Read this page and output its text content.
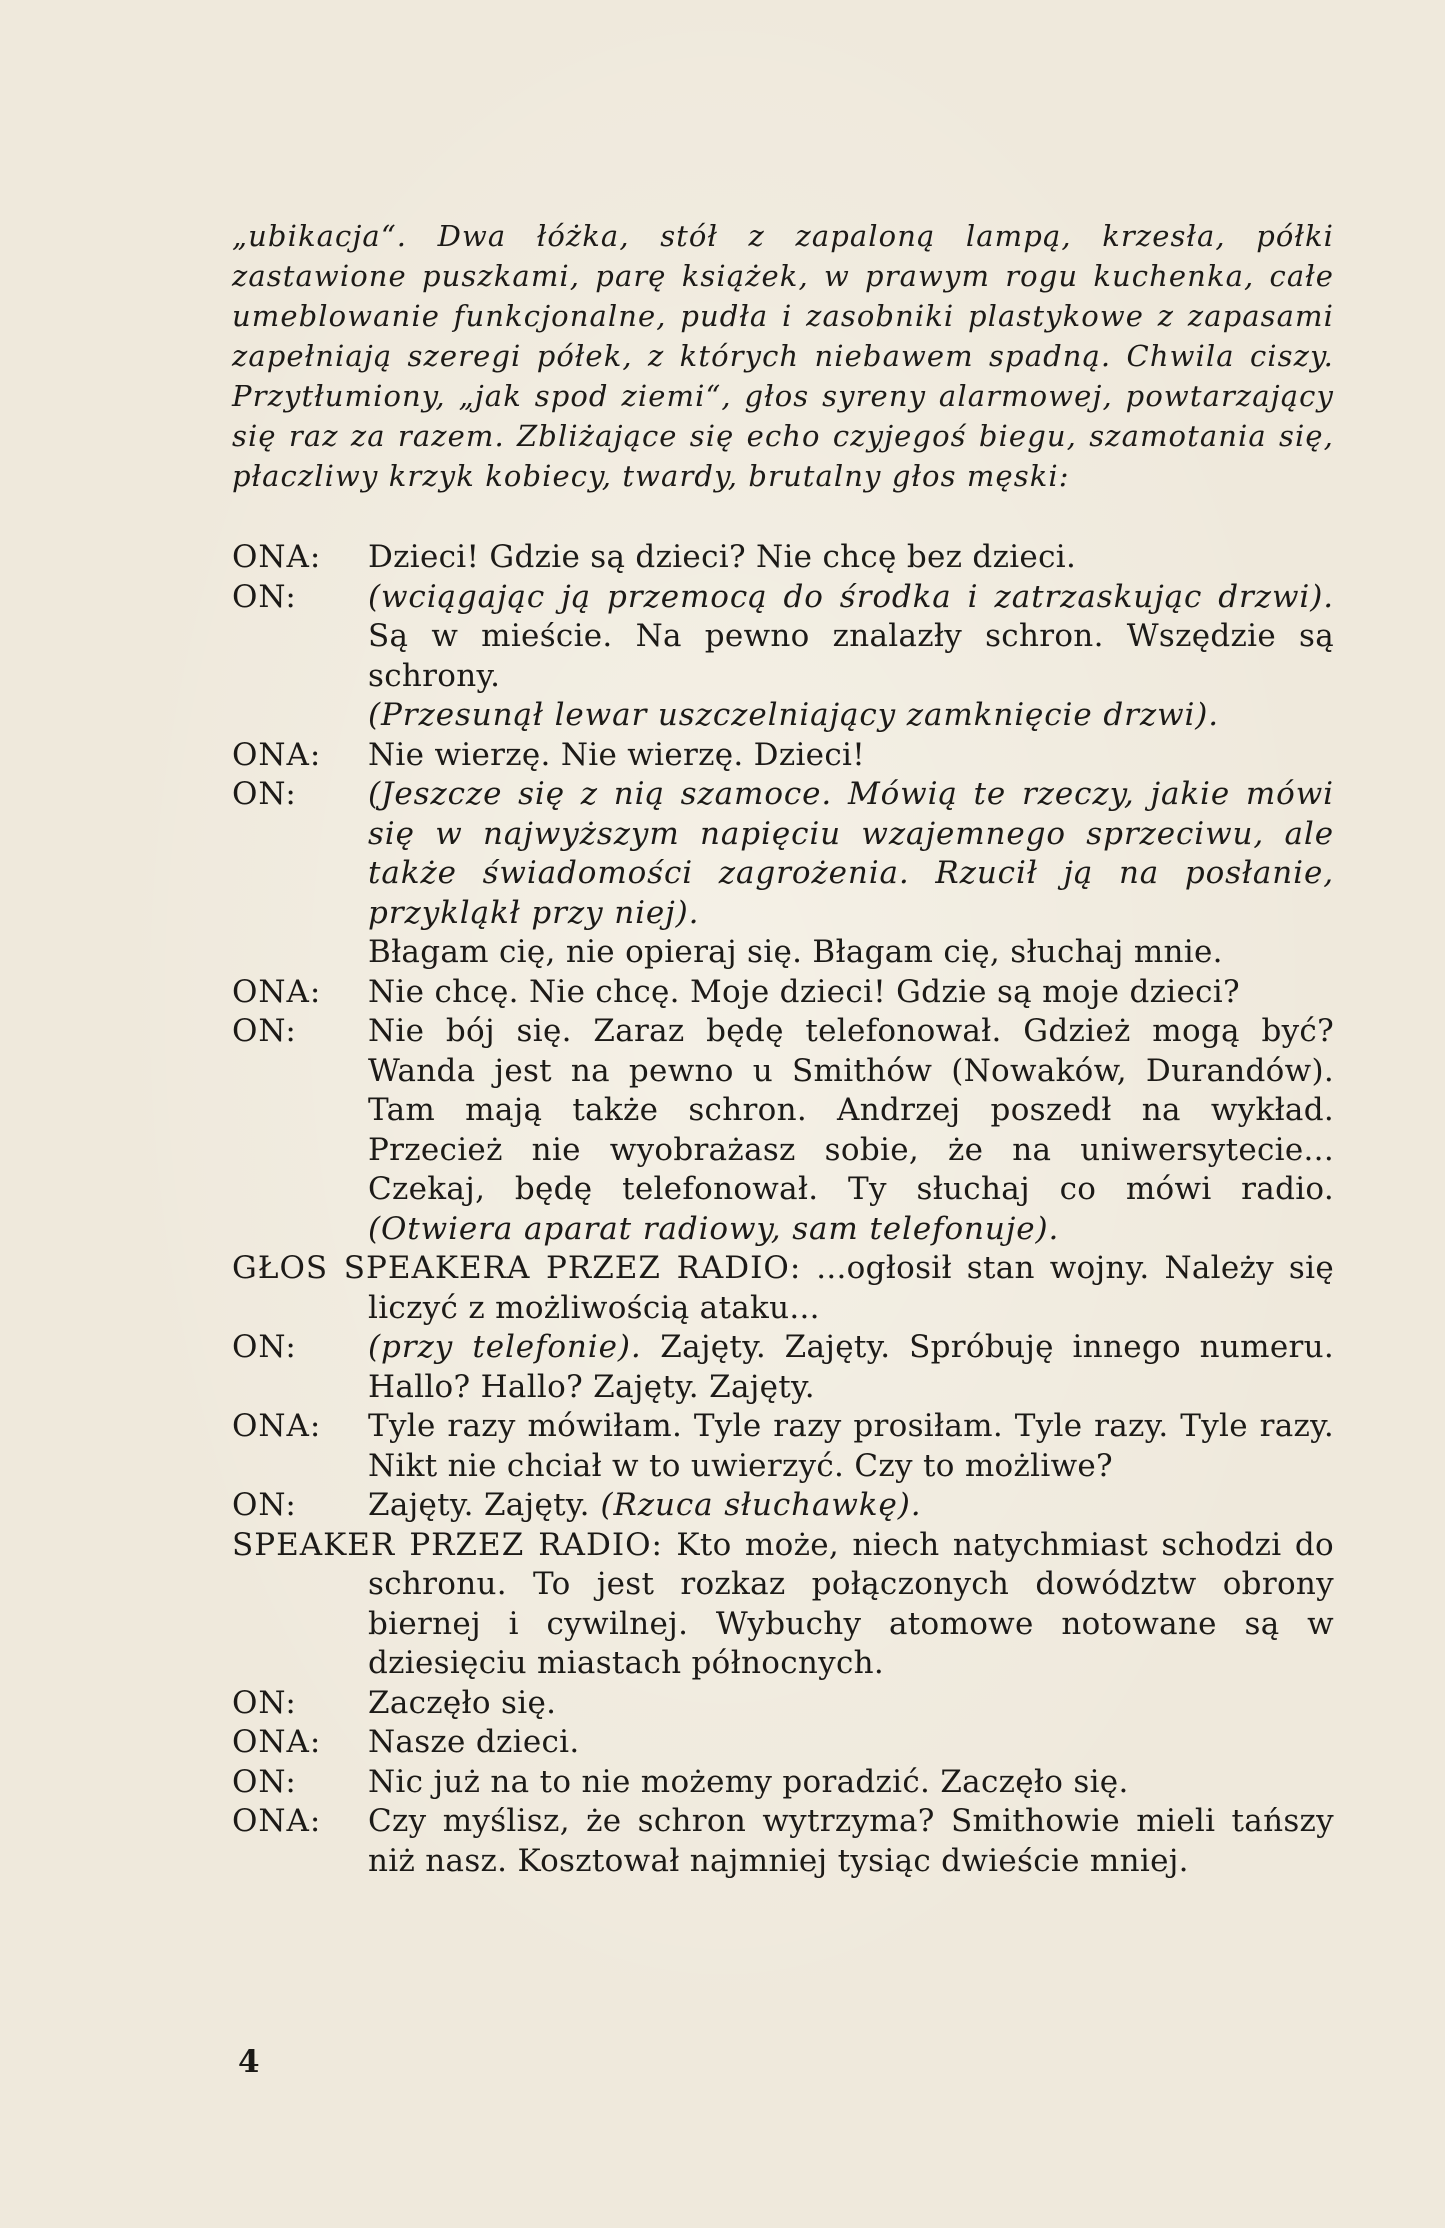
„ubikacja“. Dwa łóżka, stół z zapaloną lampą, krzesła, półki zastawione puszkami, parę książek, w prawym rogu kuchenka, całe umeblowanie funkcjonalne, pudła i zasobniki plastykowe z zapasami zapełniają szeregi półek, z których niebawem spadną. Chwila ciszy. Przytłumiony, „jak spod ziemi“, głos syreny alarmowej, powtarzający się raz za razem. Zbliżające się echo czyjegoś biegu, szamotania się, płaczliwy krzyk kobiecy, twardy, brutalny głos męski:

ONA:	Dzieci! Gdzie są dzieci? Nie chcę bez dzieci.
ON:	(wciągając ją przemocą do środka i zatrzaskując drzwi). Są w mieście. Na pewno znalazły schron. Wszędzie są schrony.
(Przesunął lewar uszczelniający zamknięcie drzwi).
ONA:	Nie wierzę. Nie wierzę. Dzieci!
ON:	(Jeszcze się z nią szamoce. Mówią te rzeczy, jakie mówi się w najwyższym napięciu wzajemnego sprzeciwu, ale także świadomości zagrożenia. Rzucił ją na posłanie, przykląkł przy niej).
Błagam cię, nie opieraj się. Błagam cię, słuchaj mnie.
ONA:	Nie chcę. Nie chcę. Moje dzieci! Gdzie są moje dzieci?
ON:	Nie bój się. Zaraz będę telefonował. Gdzież mogą być? Wanda jest na pewno u Smithów (Nowaków, Durandów). Tam mają także schron. Andrzej poszedł na wykład. Przecież nie wyobrażasz sobie, że na uniwersytecie... Czekaj, będę telefonował. Ty słuchaj co mówi radio. (Otwiera aparat radiowy, sam telefonuje).
GŁOS SPEAKERA PRZEZ RADIO: ...ogłosił stan wojny. Należy się liczyć z możliwością ataku...
ON:	(przy telefonie). Zajęty. Zajęty. Spróbuję innego numeru. Hallo? Hallo? Zajęty. Zajęty.
ONA:	Tyle razy mówiłam. Tyle razy prosiłam. Tyle razy. Tyle razy. Nikt nie chciał w to uwierzyć. Czy to możliwe?
ON:	Zajęty. Zajęty. (Rzuca słuchawkę).
SPEAKER PRZEZ RADIO: Kto może, niech natychmiast schodzi do schronu. To jest rozkaz połączonych dowództw obrony biernej i cywilnej. Wybuchy atomowe notowane są w dziesięciu miastach północnych.
ON:	Zaczęło się.
ONA:	Nasze dzieci.
ON:	Nic już na to nie możemy poradzić. Zaczęło się.
ONA:	Czy myślisz, że schron wytrzyma? Smithowie mieli tańszy niż nasz. Kosztował najmniej tysiąc dwieście mniej.
4
